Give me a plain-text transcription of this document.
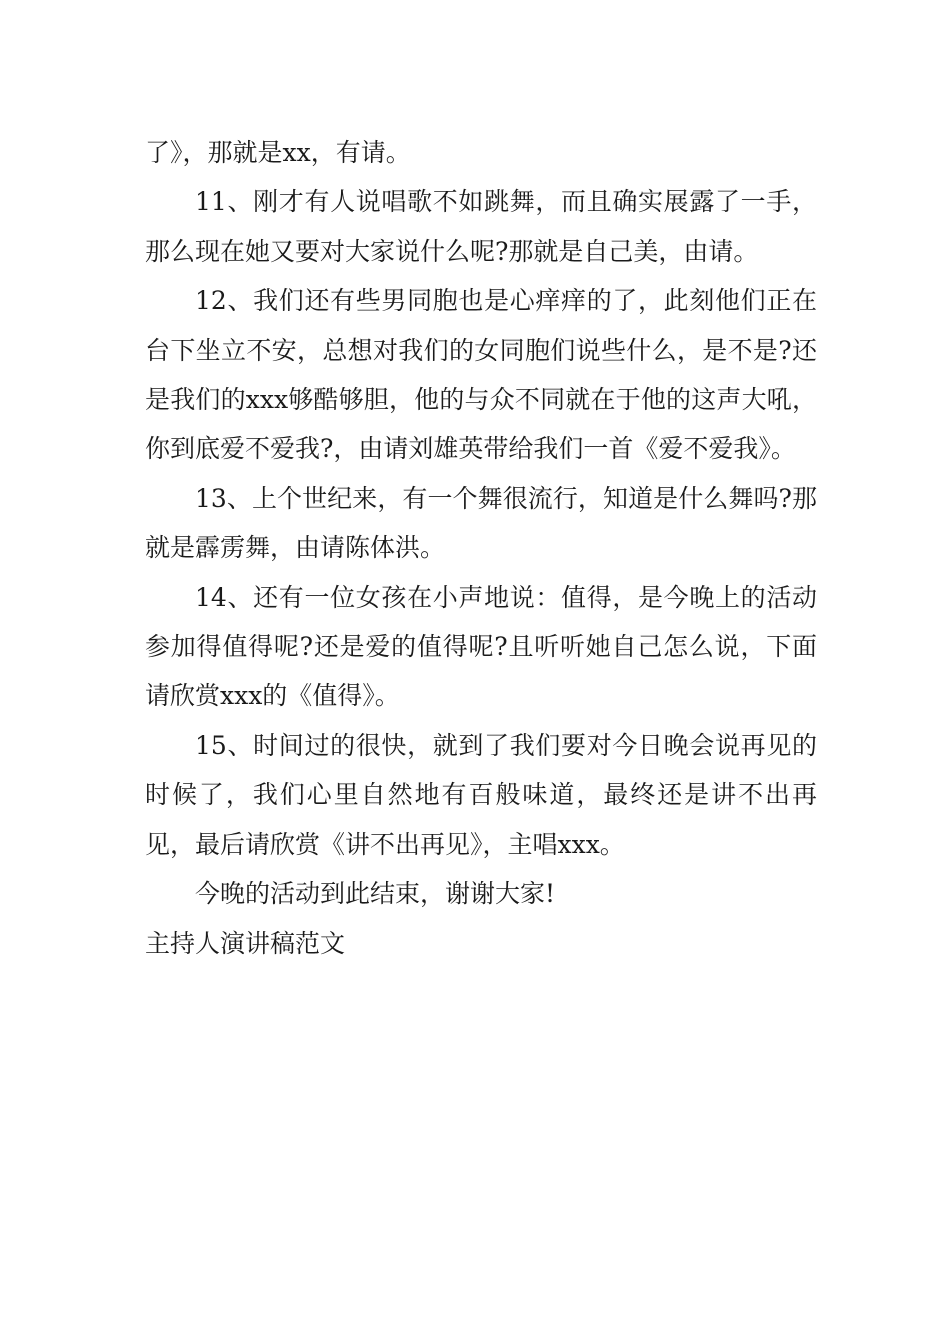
了》，那就是xx，有请。

11、刚才有人说唱歌不如跳舞，而且确实展露了一手，那么现在她又要对大家说什么呢?那就是自己美，由请。

12、我们还有些男同胞也是心痒痒的了，此刻他们正在台下坐立不安，总想对我们的女同胞们说些什么，是不是?还是我们的xxx够酷够胆，他的与众不同就在于他的这声大吼，你到底爱不爱我?，由请刘雄英带给我们一首《爱不爱我》。

13、上个世纪来，有一个舞很流行，知道是什么舞吗?那就是霹雳舞，由请陈体洪。

14、还有一位女孩在小声地说：值得，是今晚上的活动参加得值得呢?还是爱的值得呢?且听听她自己怎么说，下面请欣赏xxx的《值得》。

15、时间过的很快，就到了我们要对今日晚会说再见的时候了，我们心里自然地有百般味道，最终还是讲不出再见，最后请欣赏《讲不出再见》，主唱xxx。

今晚的活动到此结束，谢谢大家!

主持人演讲稿范文
